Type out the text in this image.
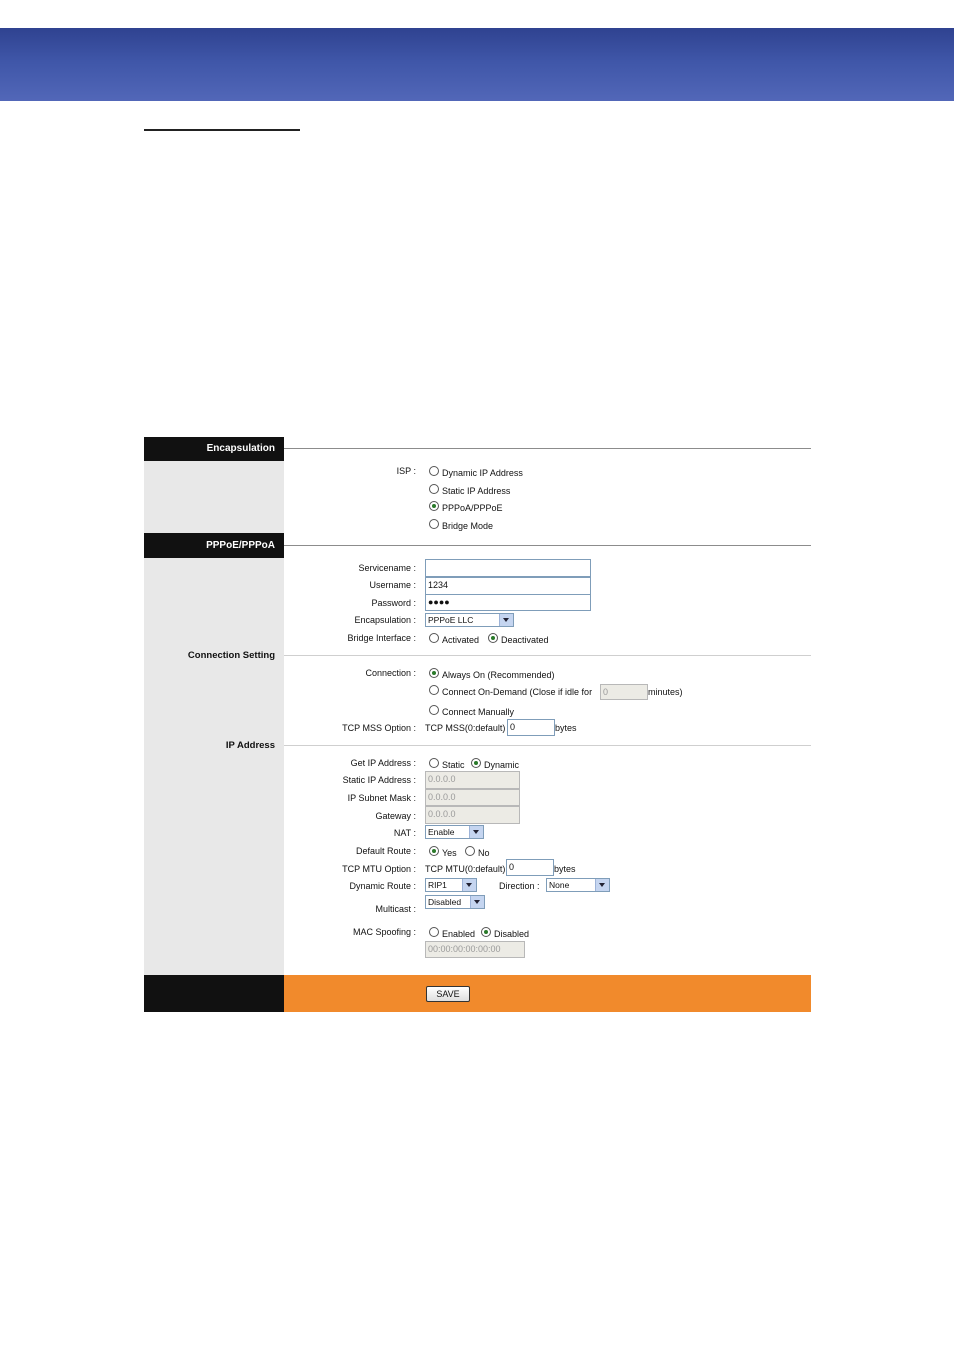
Encapsulation
ISP :	Dynamic IP Address
Static IP Address
PPPoA/PPPoE
Bridge Mode
PPPoE/PPPoA
Servicename :
Username :	1234
Password :	●●●●
Encapsulation :	PPPoE LLC
Bridge Interface :	Activated Deactivated
Connection Setting
Connection :	Always On (Recommended)
Connect On-Demand (Close if idle for	0	minutes)
Connect Manually
TCP MSS Option : TCP MSS(0:default) 0	bytes
IP Address
Get IP Address :	Static Dynamic
Static IP Address :	0.0.0.0
IP Subnet Mask :	0.0.0.0
Gateway :	0.0.0.0
NAT :	Enable
Default Route :	Yes No
TCP MTU Option : TCP MTU(0:default) 0	bytes
Dynamic Route :	RIP1	Direction :	None
Multicast :
Disabled
MAC Spoofing :	Enabled Disabled
00:00:00:00:00:00
SAVE
